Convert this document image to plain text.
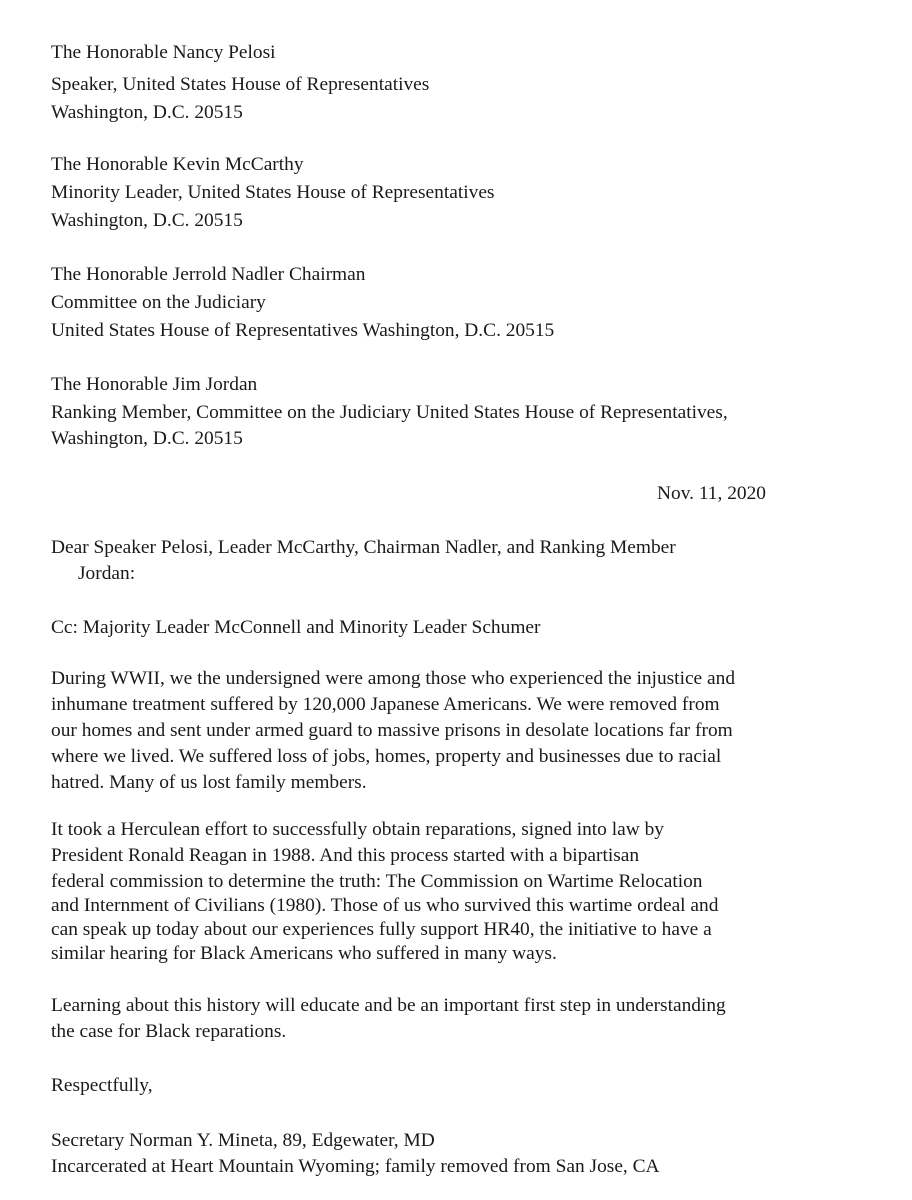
The Honorable Nancy Pelosi
Speaker, United States House of Representatives
Washington, D.C. 20515
The Honorable Kevin McCarthy
Minority Leader, United States House of Representatives
Washington, D.C. 20515
The Honorable Jerrold Nadler Chairman
Committee on the Judiciary
United States House of Representatives Washington, D.C. 20515
The Honorable Jim Jordan
Ranking Member, Committee on the Judiciary United States House of Representatives,
Washington, D.C. 20515
Nov. 11, 2020
Dear Speaker Pelosi, Leader McCarthy, Chairman Nadler, and Ranking Member
Jordan:
Cc: Majority Leader McConnell and Minority Leader Schumer
During WWII, we the undersigned were among those who experienced the injustice and
inhumane treatment suffered by 120,000 Japanese Americans. We were removed from
our homes and sent under armed guard to massive prisons in desolate locations far from
where we lived. We suffered loss of jobs, homes, property and businesses due to racial
hatred. Many of us lost family members.
It took a Herculean effort to successfully obtain reparations, signed into law by
President Ronald Reagan in 1988. And this process started with a bipartisan
federal commission to determine the truth: The Commission on Wartime Relocation
and Internment of Civilians (1980). Those of us who survived this wartime ordeal and
can speak up today about our experiences fully support HR40, the initiative to have a
similar hearing for Black Americans who suffered in many ways.
Learning about this history will educate and be an important first step in understanding
the case for Black reparations.
Respectfully,
Secretary Norman Y. Mineta, 89, Edgewater, MD
Incarcerated at Heart Mountain Wyoming; family removed from San Jose, CA
